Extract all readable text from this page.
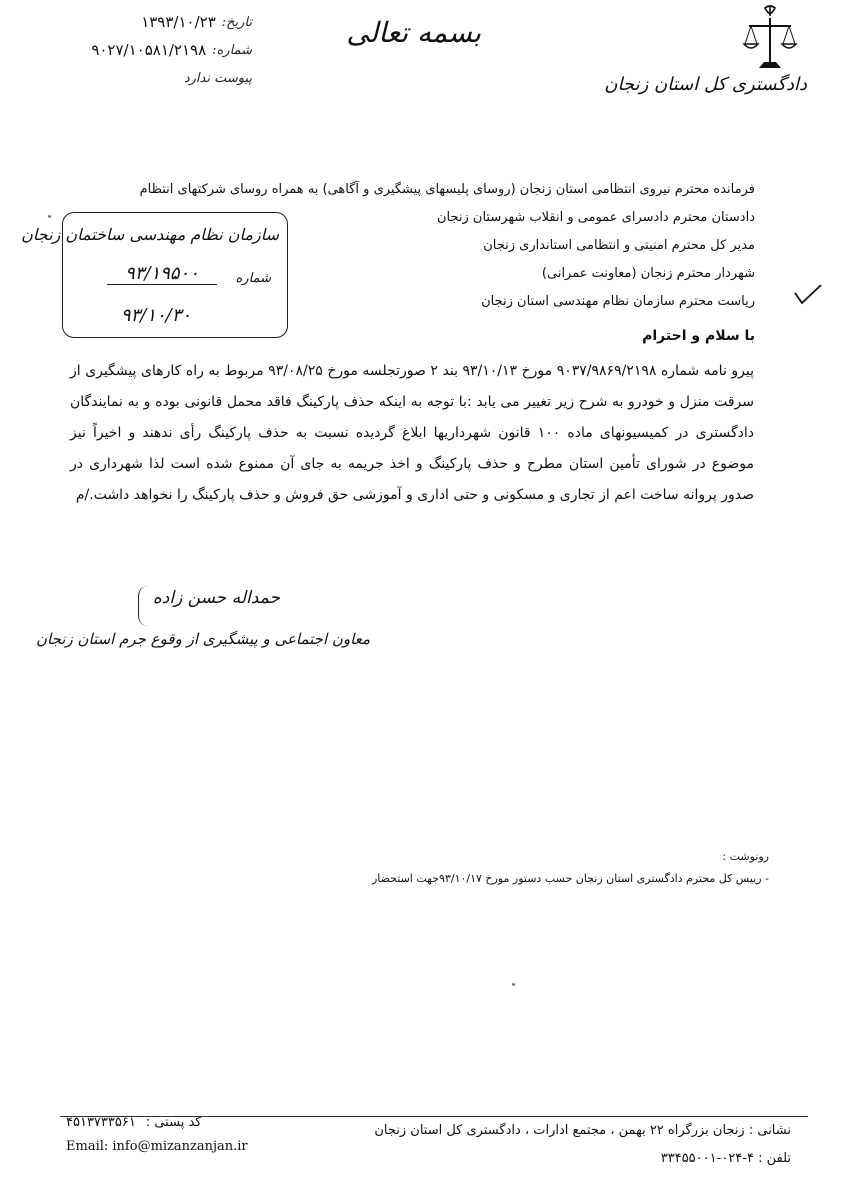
بسمه تعالی
دادگستری کل استان زنجان
تاریخ:
۱۳۹۳/۱۰/۲۳
شماره:
۹۰۲۷/۱۰۵۸۱/۲۱۹۸
پیوست ندارد
سازمان نظام مهندسی ساختمان زنجان
شماره
۹۳/۱۹۵۰۰
۹۳/۱۰/۳۰
فرمانده محترم نیروی انتظامی استان زنجان (روسای پلیسهای پیشگیری و آگاهی) به همراه روسای شرکتهای انتظام
دادستان محترم دادسرای عمومی و انقلاب شهرستان زنجان
مدیر کل محترم امنیتی و انتظامی استانداری زنجان
شهردار محترم زنجان (معاونت عمرانی)
ریاست محترم سازمان نظام مهندسی استان زنجان
با سلام و احترام
پیرو نامه شماره ۹۰۳۷/۹۸۶۹/۲۱۹۸ مورخ ۹۳/۱۰/۱۳ بند ۲ صورتجلسه مورخ ۹۳/۰۸/۲۵ مربوط به راه کارهای پیشگیری از سرقت منزل و خودرو به شرح زیر تغییر می یابد :با توجه به اینکه حذف پارکینگ فاقد محمل قانونی بوده و به نمایندگان دادگستری در کمیسیونهای ماده ۱۰۰ قانون شهرداریها ابلاغ گردیده نسبت به حذف پارکینگ رأی ندهند و اخیراً نیز موضوع در شورای تأمین استان مطرح و حذف پارکینگ و اخذ جریمه به جای آن ممنوع شده است لذا شهرداری در صدور پروانه ساخت اعم از تجاری و مسکونی و حتی اداری و آموزشی حق فروش و حذف پارکینگ را نخواهد داشت./م
حمداله حسن زاده
معاون اجتماعی و پیشگیری از وقوع جرم استان زنجان
رونوشت :
- رییس کل محترم دادگستری استان زنجان حسب دستور مورخ ۹۳/۱۰/۱۷جهت استحضار
نشانی : زنجان بزرگراه ۲۲ بهمن ، مجتمع ادارات ، دادگستری کل استان زنجان
تلفن : ۴-۰۲۴-۳۳۴۵۵۰۰۱
کد پستی :
۴۵۱۳۷۳۳۵۶۱
Email: info@mizanzanjan.ir
